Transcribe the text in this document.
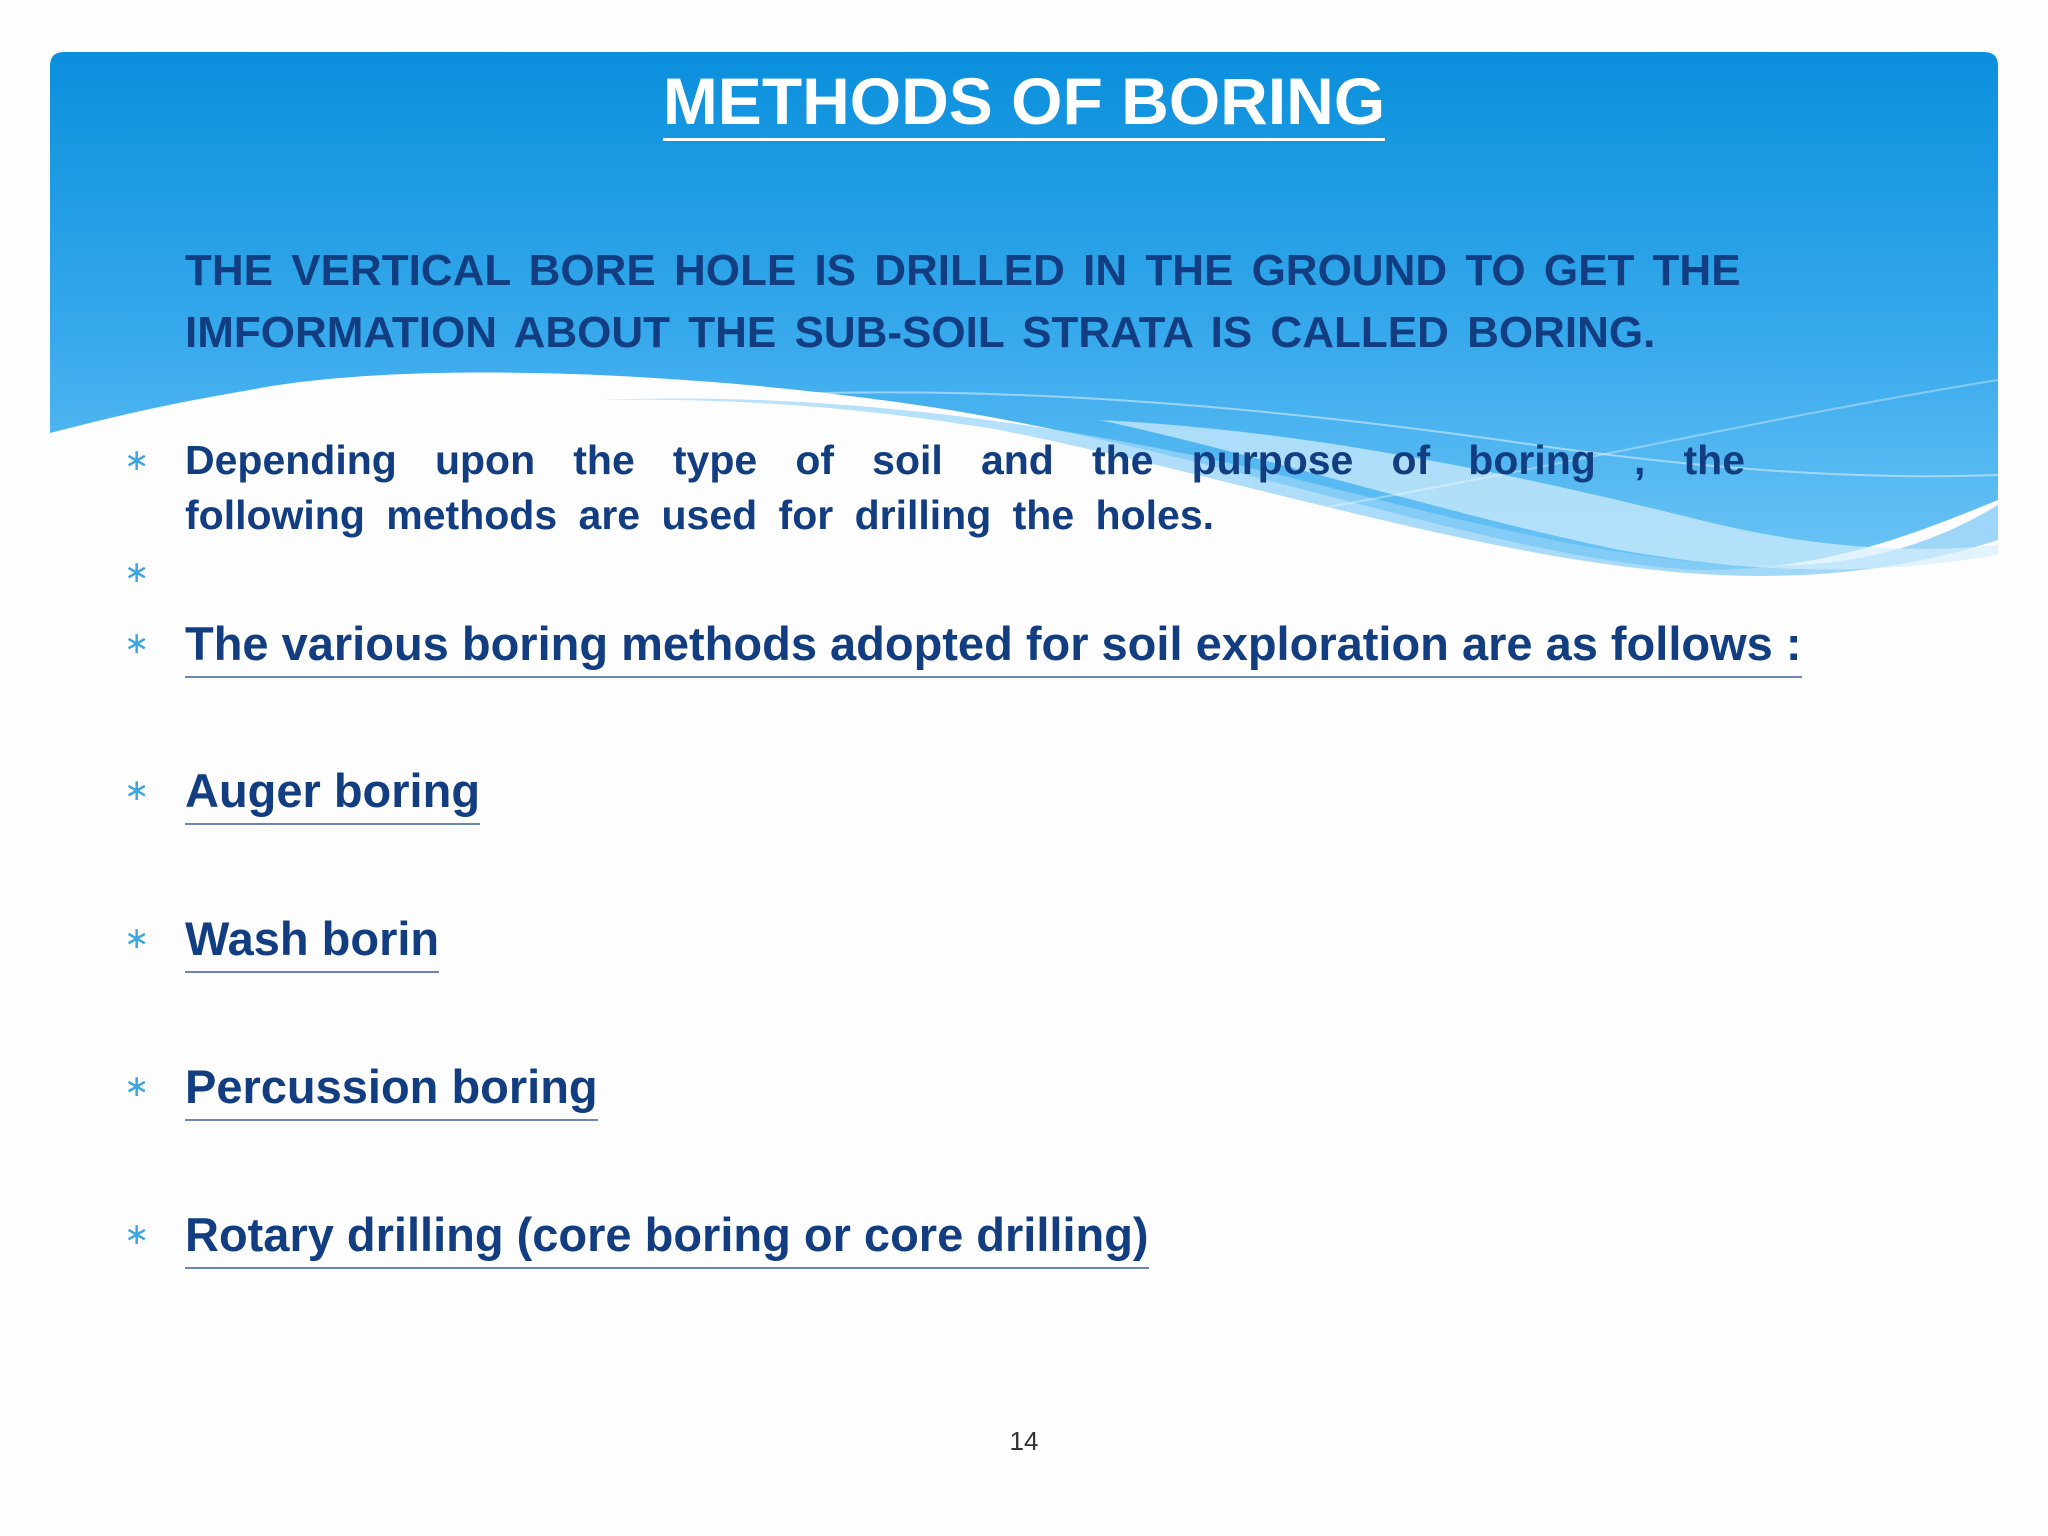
METHODS OF BORING
THE VERTICAL BORE HOLE IS DRILLED IN THE GROUND TO GET THE
IMFORMATION ABOUT THE SUB-SOIL STRATA IS CALLED BORING.
∗ Depending upon the type of soil and the purpose of boring , the following methods are used for drilling the holes.
∗
∗ The various boring methods adopted for soil exploration are as follows :
∗ Auger boring
∗ Wash borin
∗ Percussion boring
∗ Rotary drilling (core boring or core drilling)
14
